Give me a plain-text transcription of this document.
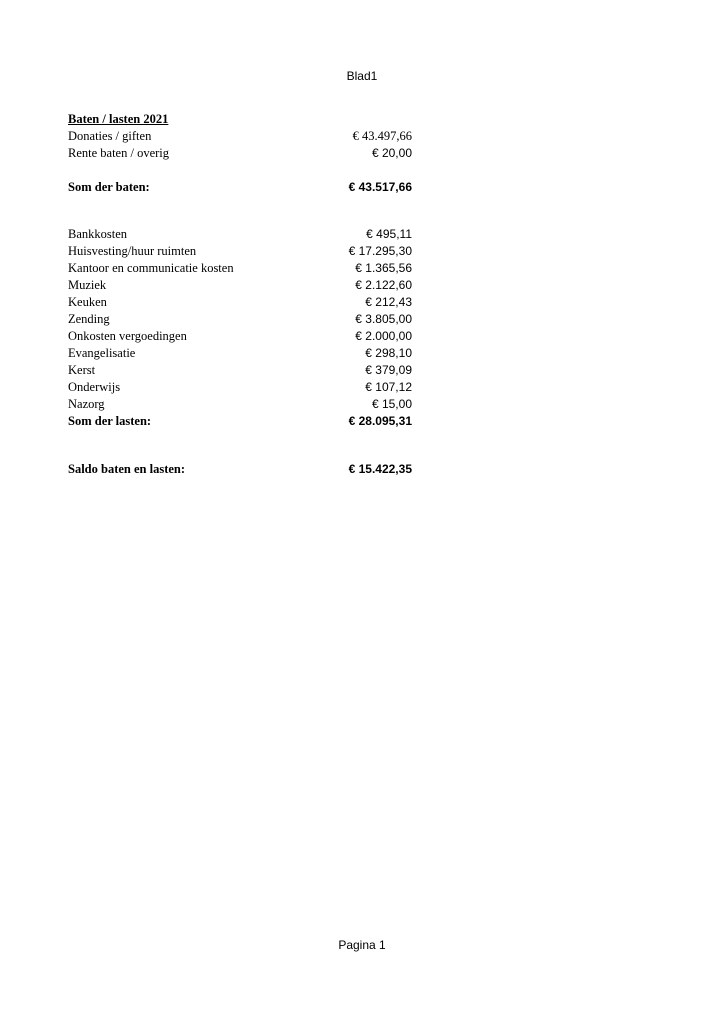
Blad1
Baten / lasten 2021
Donaties / giften	€ 43.497,66
Rente baten / overig	€ 20,00
Som der baten:	€ 43.517,66
Bankkosten	€ 495,11
Huisvesting/huur ruimten	€ 17.295,30
Kantoor en communicatie kosten	€ 1.365,56
Muziek	€ 2.122,60
Keuken	€ 212,43
Zending	€ 3.805,00
Onkosten vergoedingen	€ 2.000,00
Evangelisatie	€ 298,10
Kerst	€ 379,09
Onderwijs	€ 107,12
Nazorg	€ 15,00
Som der lasten:	€ 28.095,31
Saldo baten en lasten:	€ 15.422,35
Pagina 1
